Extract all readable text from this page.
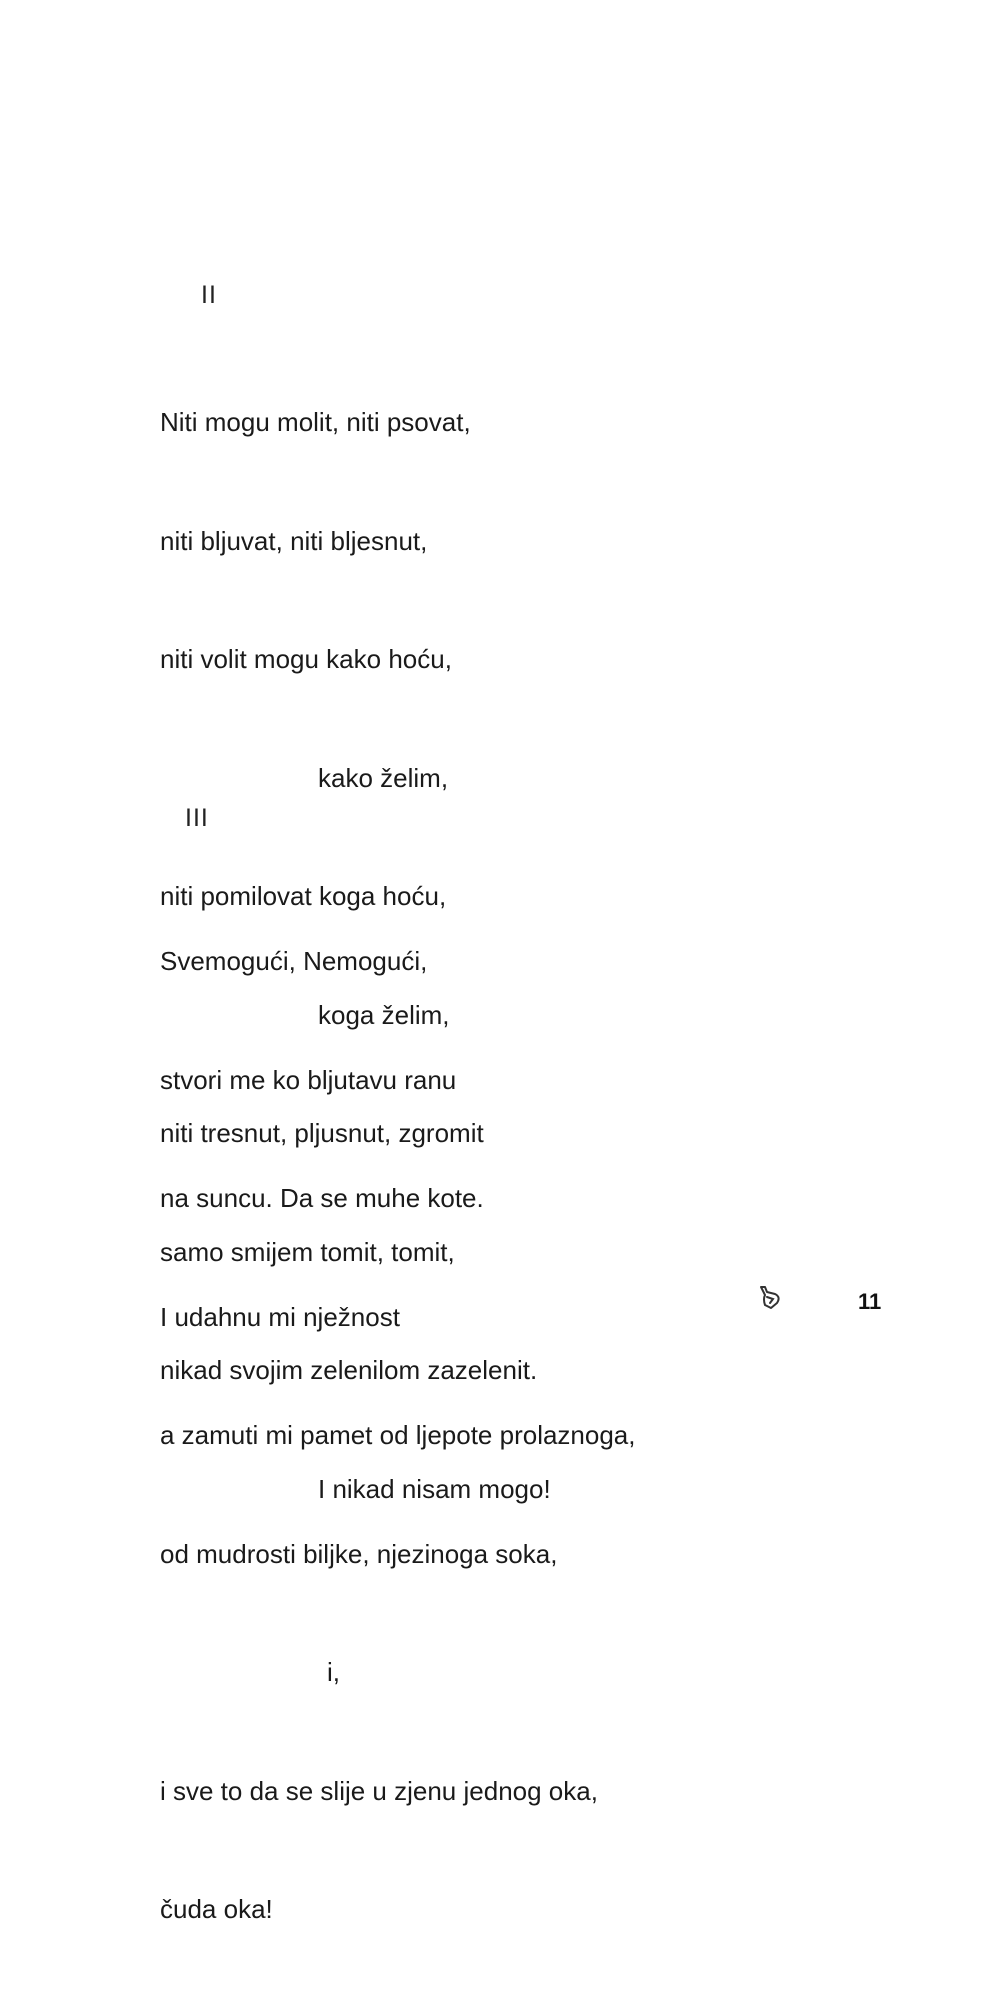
II

Niti mogu molit, niti psovat,

niti bljuvat, niti bljesnut,

niti volit mogu kako hoću,

kako želim,

niti pomilovat koga hoću,

koga želim,

niti tresnut, pljusnut, zgromit

samo smijem tomit, tomit,

nikad svojim zelenilom zazelenit.

I nikad nisam mogo!

III

Svemogući, Nemogući,

stvori me ko bljutavu ranu

na suncu. Da se muhe kote.

I udahnu mi nježnost

a zamuti mi pamet od ljepote prolaznoga,

od mudrosti biljke, njezinoga soka,

i,

i sve to da se slije u zjenu jednog oka,

čuda oka!

11
